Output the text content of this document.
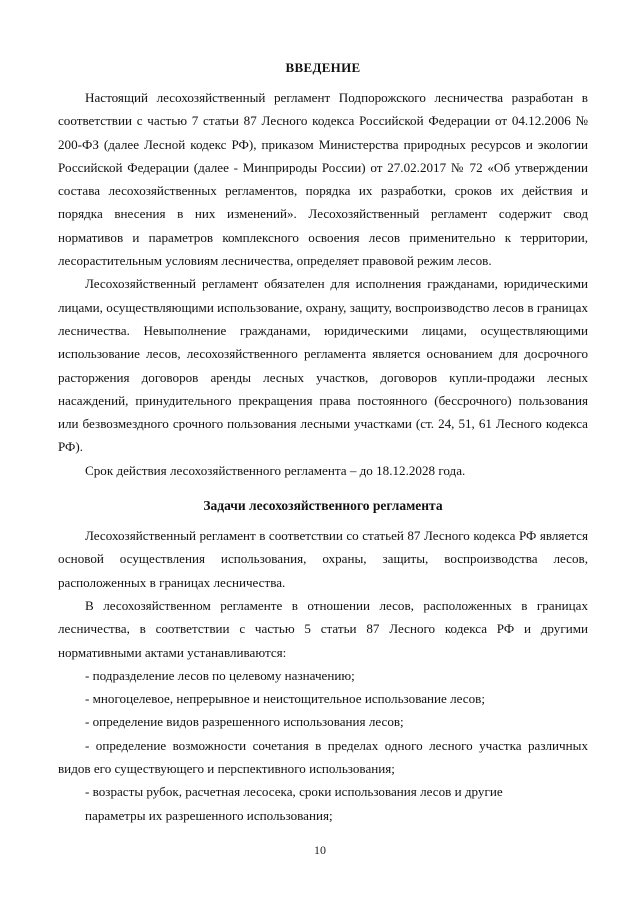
ВВЕДЕНИЕ

Настоящий лесохозяйственный регламент Подпорожского лесничества разработан в соответствии с частью 7 статьи 87 Лесного кодекса Российской Федерации от 04.12.2006 № 200-ФЗ (далее Лесной кодекс РФ), приказом Министерства природных ресурсов и экологии Российской Федерации (далее - Минприроды России) от 27.02.2017 № 72 «Об утверждении состава лесохозяйственных регламентов, порядка их разработки, сроков их действия и порядка внесения в них изменений». Лесохозяйственный регламент содержит свод нормативов и параметров комплексного освоения лесов применительно к территории, лесорастительным условиям лесничества, определяет правовой режим лесов.

Лесохозяйственный регламент обязателен для исполнения гражданами, юридическими лицами, осуществляющими использование, охрану, защиту, воспроизводство лесов в границах лесничества. Невыполнение гражданами, юридическими лицами, осуществляющими использование лесов, лесохозяйственного регламента является основанием для досрочного расторжения договоров аренды лесных участков, договоров купли-продажи лесных насаждений, принудительного прекращения права постоянного (бессрочного) пользования или безвозмездного срочного пользования лесными участками (ст. 24, 51, 61 Лесного кодекса РФ).

Срок действия лесохозяйственного регламента – до 18.12.2028 года.

Задачи лесохозяйственного регламента

Лесохозяйственный регламент в соответствии со статьей 87 Лесного кодекса РФ является основой осуществления использования, охраны, защиты, воспроизводства лесов, расположенных в границах лесничества.

В лесохозяйственном регламенте в отношении лесов, расположенных в границах лесничества, в соответствии с частью 5 статьи 87 Лесного кодекса РФ и другими нормативными актами устанавливаются:

- подразделение лесов по целевому назначению;

- многоцелевое, непрерывное и неистощительное использование лесов;

- определение видов разрешенного использования лесов;

- определение возможности сочетания в пределах одного лесного участка различных видов его существующего и перспективного использования;

- возрасты рубок, расчетная лесосека, сроки использования лесов и другие

параметры их разрешенного использования;

10
